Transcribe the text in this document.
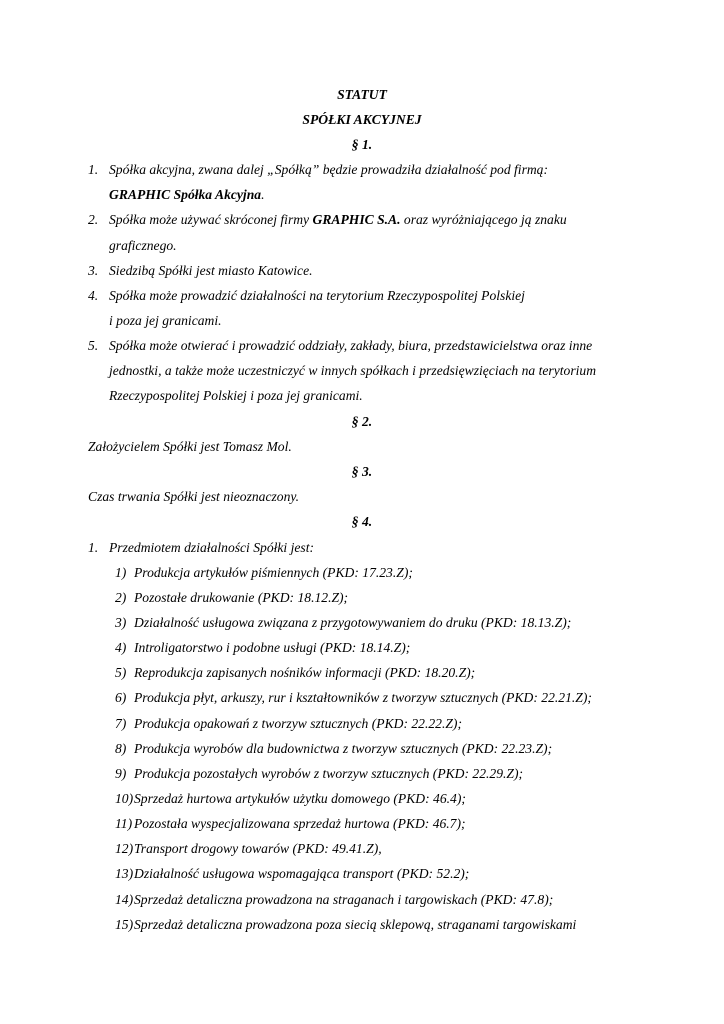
STATUT
SPÓŁKI AKCYJNEJ
§ 1.
1. Spółka akcyjna, zwana dalej „Spółką” będzie prowadziła działalność pod firmą:
GRAPHIC Spółka Akcyjna.
2. Spółka może używać skróconej firmy GRAPHIC S.A. oraz wyróżniającego ją znaku
graficznego.
3. Siedzibą Spółki jest miasto Katowice.
4. Spółka może prowadzić działalności na terytorium Rzeczypospolitej Polskiej
i poza jej granicami.
5. Spółka może otwierać i prowadzić oddziały, zakłady, biura, przedstawicielstwa oraz inne
jednostki, a także może uczestniczyć w innych spółkach i przedsięwzięciach na terytorium
Rzeczypospolitej Polskiej i poza jej granicami.
§ 2.
Założycielem Spółki jest Tomasz Mol.
§ 3.
Czas trwania Spółki jest nieoznaczony.
§ 4.
1. Przedmiotem działalności Spółki jest:
1) Produkcja artykułów piśmiennych (PKD: 17.23.Z);
2) Pozostałe drukowanie (PKD: 18.12.Z);
3) Działalność usługowa związana z przygotowywaniem do druku (PKD: 18.13.Z);
4) Introligatorstwo i podobne usługi (PKD: 18.14.Z);
5) Reprodukcja zapisanych nośników informacji (PKD: 18.20.Z);
6) Produkcja płyt, arkuszy, rur i kształtowników z tworzyw sztucznych (PKD: 22.21.Z);
7) Produkcja opakowań z tworzyw sztucznych (PKD: 22.22.Z);
8) Produkcja wyrobów dla budownictwa z tworzyw sztucznych (PKD: 22.23.Z);
9) Produkcja pozostałych wyrobów z tworzyw sztucznych (PKD: 22.29.Z);
10) Sprzedaż hurtowa artykułów użytku domowego (PKD: 46.4);
11) Pozostała wyspecjalizowana sprzedaż hurtowa (PKD: 46.7);
12) Transport drogowy towarów (PKD: 49.41.Z),
13) Działalność usługowa wspomagająca transport (PKD: 52.2);
14) Sprzedaż detaliczna prowadzona na straganach i targowiskach (PKD: 47.8);
15) Sprzedaż detaliczna prowadzona poza siecią sklepową, straganami targowiskami
